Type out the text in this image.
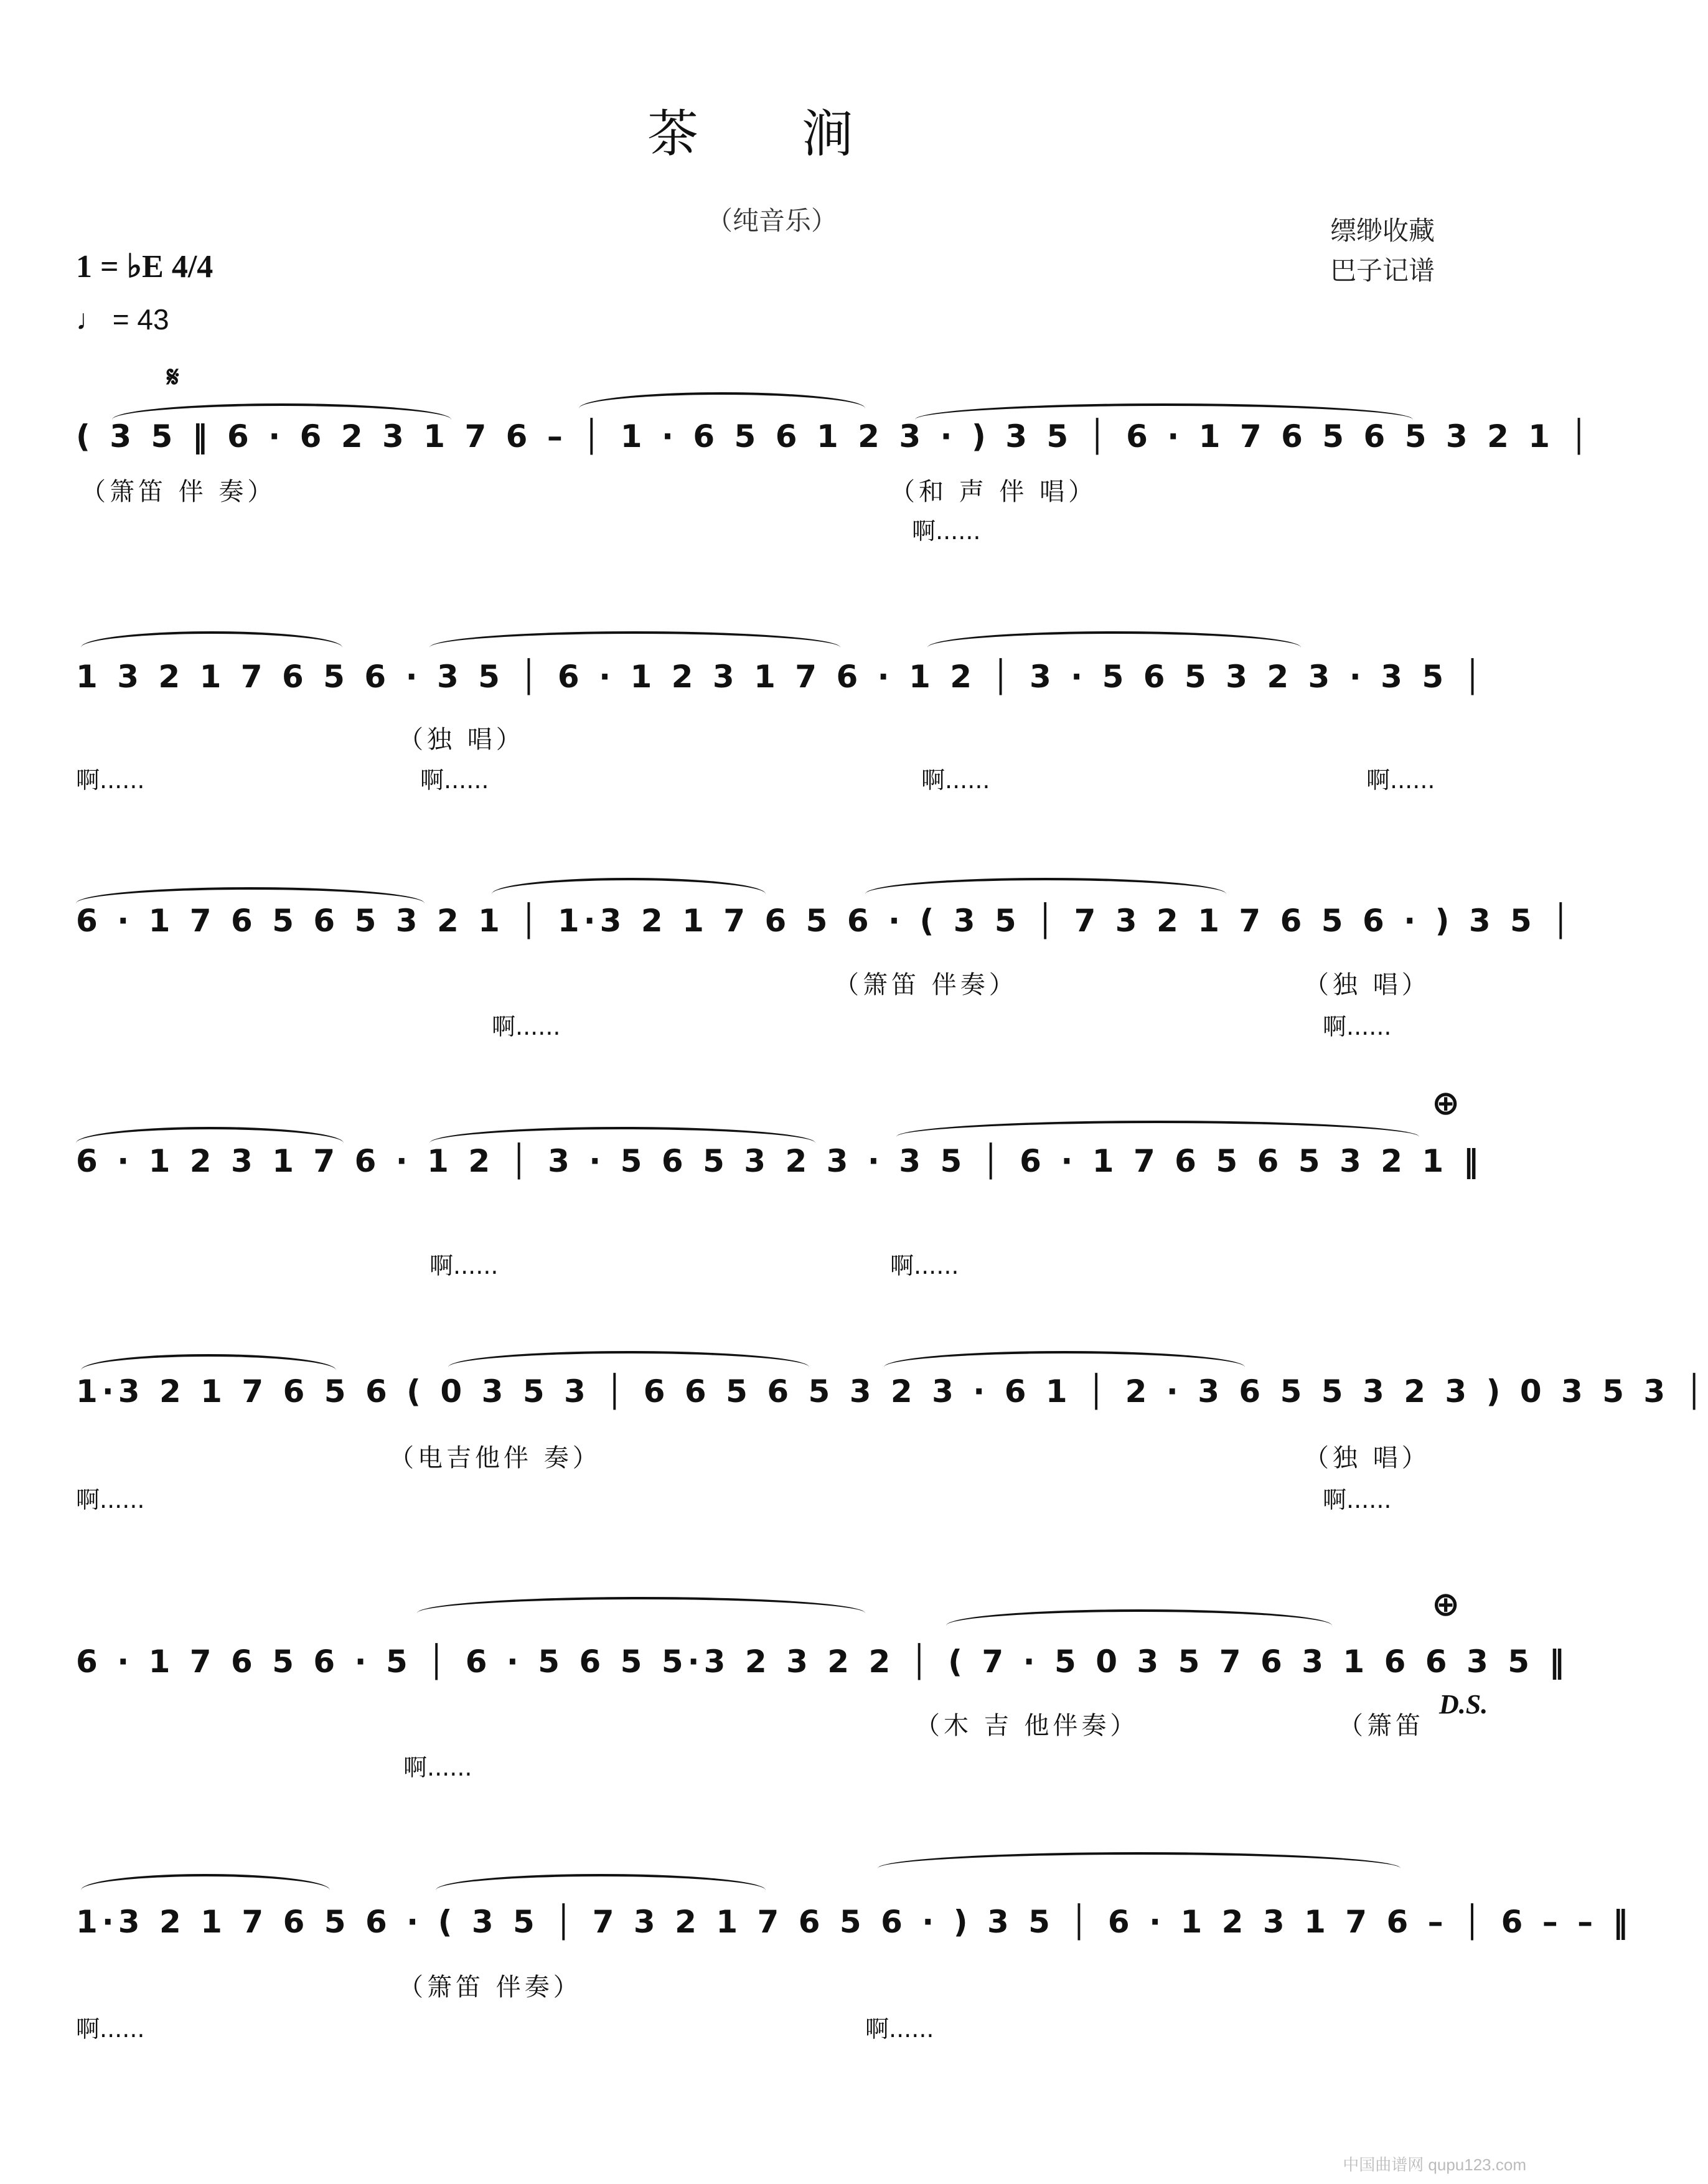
茶 涧
（纯音乐）	缥缈收藏
巴子记谱
1 = ♭E 4/4
♩ = 43
𝄋
( 3 5 ‖ 6 · 6 2 3 1 7 6 – │ 1 · 6 5 6 1 2 3 · ) 3 5 │ 6 · 1 7 6 5 6 5 3 2 1 │
（箫笛 伴 奏）	（和 声 伴 唱）
啊......
1 3 2 1 7 6 5 6 · 3 5 │ 6 · 1 2 3 1 7 6 · 1 2 │ 3 · 5 6 5 3 2 3 · 3 5 │
（独 唱）
啊......	啊......	啊......	啊......
6 · 1 7 6 5 6 5 3 2 1 │ 1·3 2 1 7 6 5 6 · ( 3 5 │ 7 3 2 1 7 6 5 6 · ) 3 5 │
（箫笛 伴奏）	（独 唱）
啊......	啊......
⊕
6 · 1 2 3 1 7 6 · 1 2 │ 3 · 5 6 5 3 2 3 · 3 5 │ 6 · 1 7 6 5 6 5 3 2 1 ‖
啊......	啊......
1·3 2 1 7 6 5 6 ( 0 3 5 3 │ 6 6 5 6 5 3 2 3 · 6 1 │ 2 · 3 6 5 5 3 2 3 ) 0 3 5 3 │
（电吉他伴 奏）	（独 唱）
啊......	啊......
⊕
6 · 1 7 6 5 6 · 5 │ 6 · 5 6 5 5·3 2 3 2 2 │ ( 7 · 5 0 3 5 7 6 3 1 6 6 3 5 ‖
D.S.
（木 吉 他伴奏）	（箫笛
啊......
1·3 2 1 7 6 5 6 · ( 3 5 │ 7 3 2 1 7 6 5 6 · ) 3 5 │ 6 · 1 2 3 1 7 6 – │ 6 – – ‖
（箫笛 伴奏）
啊......	啊......
中国曲谱网 qupu123.com
